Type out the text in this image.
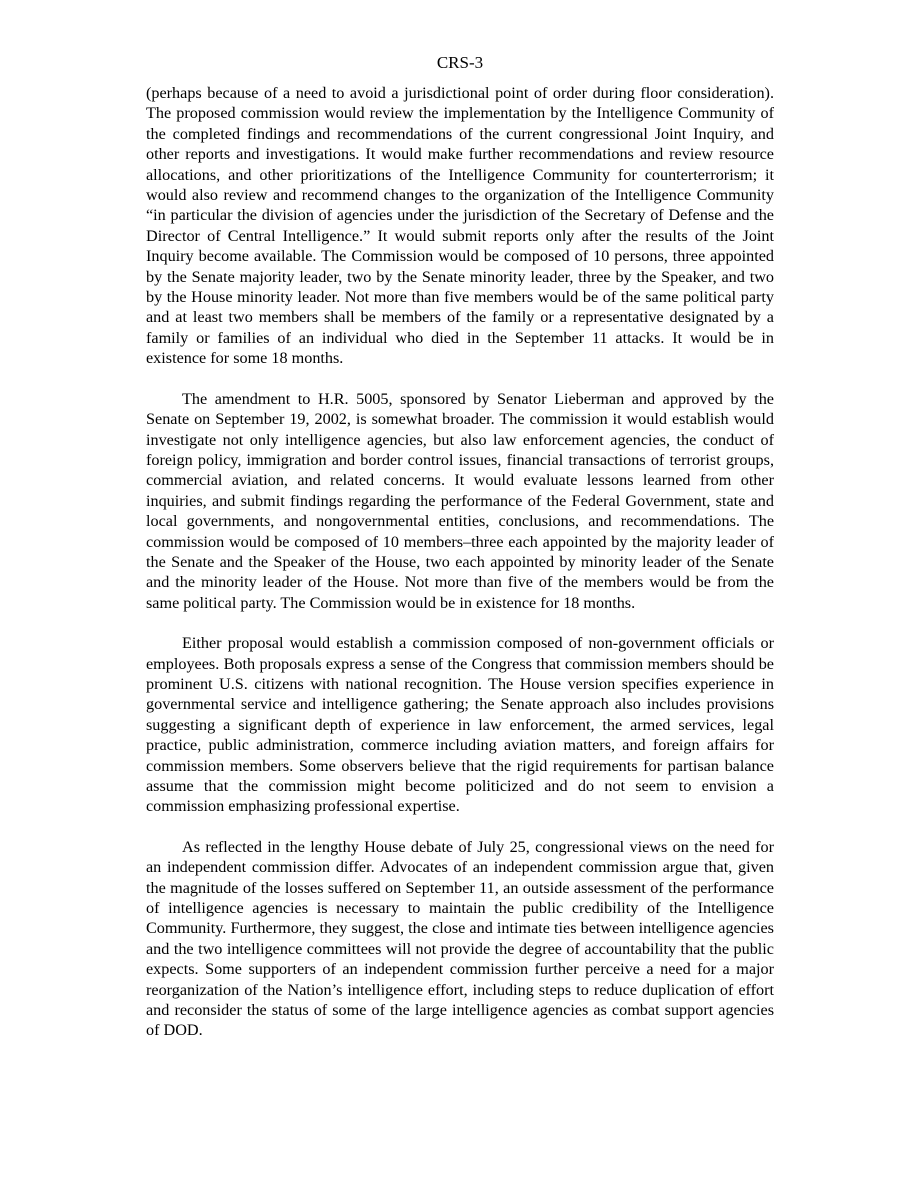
CRS-3

(perhaps because of a need to avoid a jurisdictional point of order during floor consideration). The proposed commission would review the implementation by the Intelligence Community of the completed findings and recommendations of the current congressional Joint Inquiry, and other reports and investigations. It would make further recommendations and review resource allocations, and other prioritizations of the Intelligence Community for counterterrorism; it would also review and recommend changes to the organization of the Intelligence Community “in particular the division of agencies under the jurisdiction of the Secretary of Defense and the Director of Central Intelligence.” It would submit reports only after the results of the Joint Inquiry become available. The Commission would be composed of 10 persons, three appointed by the Senate majority leader, two by the Senate minority leader, three by the Speaker, and two by the House minority leader. Not more than five members would be of the same political party and at least two members shall be members of the family or a representative designated by a family or families of an individual who died in the September 11 attacks. It would be in existence for some 18 months.

The amendment to H.R. 5005, sponsored by Senator Lieberman and approved by the Senate on September 19, 2002, is somewhat broader. The commission it would establish would investigate not only intelligence agencies, but also law enforcement agencies, the conduct of foreign policy, immigration and border control issues, financial transactions of terrorist groups, commercial aviation, and related concerns. It would evaluate lessons learned from other inquiries, and submit findings regarding the performance of the Federal Government, state and local governments, and nongovernmental entities, conclusions, and recommendations. The commission would be composed of 10 members–three each appointed by the majority leader of the Senate and the Speaker of the House, two each appointed by minority leader of the Senate and the minority leader of the House. Not more than five of the members would be from the same political party. The Commission would be in existence for 18 months.

Either proposal would establish a commission composed of non-government officials or employees. Both proposals express a sense of the Congress that commission members should be prominent U.S. citizens with national recognition. The House version specifies experience in governmental service and intelligence gathering; the Senate approach also includes provisions suggesting a significant depth of experience in law enforcement, the armed services, legal practice, public administration, commerce including aviation matters, and foreign affairs for commission members. Some observers believe that the rigid requirements for partisan balance assume that the commission might become politicized and do not seem to envision a commission emphasizing professional expertise.

As reflected in the lengthy House debate of July 25, congressional views on the need for an independent commission differ. Advocates of an independent commission argue that, given the magnitude of the losses suffered on September 11, an outside assessment of the performance of intelligence agencies is necessary to maintain the public credibility of the Intelligence Community. Furthermore, they suggest, the close and intimate ties between intelligence agencies and the two intelligence committees will not provide the degree of accountability that the public expects. Some supporters of an independent commission further perceive a need for a major reorganization of the Nation’s intelligence effort, including steps to reduce duplication of effort and reconsider the status of some of the large intelligence agencies as combat support agencies of DOD.
